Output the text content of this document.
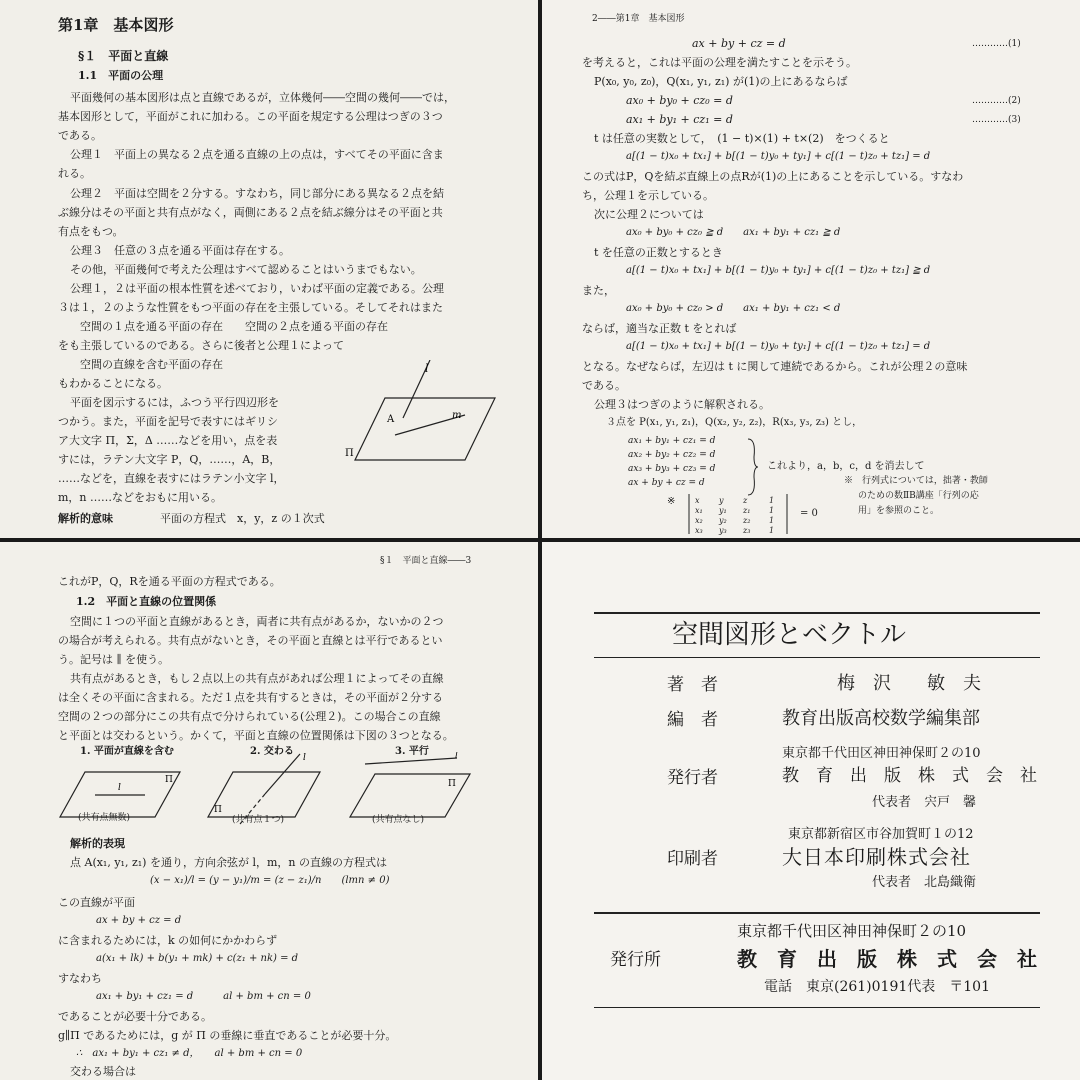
第1章　基本図形
§１　平面と直線
1.1　平面の公理
平面幾何の基本図形は点と直線であるが，立体幾何――空間の幾何――では，
基本図形として，平面がこれに加わる。この平面を規定する公理はつぎの３つ
である。
公理１　平面上の異なる２点を通る直線の上の点は，すべてその平面に含ま
れる。
公理２　平面は空間を２分する。すなわち，同じ部分にある異なる２点を結
ぶ線分はその平面と共有点がなく，両側にある２点を結ぶ線分はその平面と共
有点をもつ。
公理３　任意の３点を通る平面は存在する。
その他，平面幾何で考えた公理はすべて認めることはいうまでもない。
公理１，２は平面の根本性質を述べており，いわば平面の定義である。公理
３は１，２のような性質をもつ平面の存在を主張している。そしてそれはまた
　　空間の１点を通る平面の存在　　空間の２点を通る平面の存在
をも主張しているのである。さらに後者と公理１によって
　　空間の直線を含む平面の存在
もわかることになる。
平面を図示するには，ふつう平行四辺形を
つかう。また，平面を記号で表すにはギリシ
ア大文字 Π，Σ，Δ ……などを用い，点を表
すには，ラテン大文字 P，Q，……，A，B，
……などを，直線を表すにはラテン小文字 l，
m，n ……などをおもに用いる。
解析的意味	平面の方程式　x，y，z の１次式
l
A	m
Π
2――第1章　基本図形
ax + by + cz = d	…………(1)
を考えると，これは平面の公理を満たすことを示そう。
P(x₀, y₀, z₀)，Q(x₁, y₁, z₁) が(1)の上にあるならば
ax₀ + by₀ + cz₀ = d	…………(2)
ax₁ + by₁ + cz₁ = d	…………(3)
t は任意の実数として，　(1 − t)×(1) + t×(2)　をつくると
a[(1 − t)x₀ + tx₁] + b[(1 − t)y₀ + ty₁] + c[(1 − t)z₀ + tz₁] = d
この式はP，Qを結ぶ直線上の点Rが(1)の上にあることを示している。すなわ
ち，公理１を示している。
次に公理２については
ax₀ + by₀ + cz₀ ≧ d　　ax₁ + by₁ + cz₁ ≧ d
t を任意の正数とするとき
a[(1 − t)x₀ + tx₁] + b[(1 − t)y₀ + ty₁] + c[(1 − t)z₀ + tz₁] ≧ d
また，
ax₀ + by₀ + cz₀ > d　　ax₁ + by₁ + cz₁ < d
ならば，適当な正数 t をとれば
a[(1 − t)x₀ + tx₁] + b[(1 − t)y₀ + ty₁] + c[(1 − t)z₀ + tz₁] = d
となる。なぜならば，左辺は t に関して連続であるから。これが公理２の意味
である。
公理３はつぎのように解釈される。
３点を P(x₁, y₁, z₁)，Q(x₂, y₂, z₂)，R(x₃, y₃, z₃) とし，
ax₁ + by₁ + cz₁ = d
これより，a，b，c，d を消去して
※ x y z	1
x₁ y₁ z₁ 1
x₂ y₂ z₂ 1
x₃ y₃ z₃ 1
= 0
※　行列式については，拙著・教師
のための数ⅡB講座「行列の応
用」を参照のこと。
ax₂ + by₂ + cz₂ = d
ax₃ + by₃ + cz₃ = d
ax + by + cz = d
§１　平面と直線――3
これがP，Q，Rを通る平面の方程式である。
1.2　平面と直線の位置関係
空間に１つの平面と直線があるとき，両者に共有点があるか，ないかの２つ
の場合が考えられる。共有点がないとき，その平面と直線とは平行であるとい
う。記号は ∥ を使う。
共有点があるとき，もし２点以上の共有点があれば公理１によってその直線
は全くその平面に含まれる。ただ１点を共有するときは，その平面が２分する
空間の２つの部分にこの共有点で分けられている(公理２)。この場合この直線
と平面とは交わるという。かくて，平面と直線の位置関係は下図の３つとなる。
1. 平面が直線を含む	2. 交わる	3. 平行
l
Π
l
Π
l
Π
(共有点無数)	(共有点１つ)	(共有点なし)
解析的表現
点 A(x₁, y₁, z₁) を通り，方向余弦が l，m，n の直線の方程式は
(x − x₁)/l = (y − y₁)/m = (z − z₁)/n　　(lmn ≠ 0)
この直線が平面
ax + by + cz = d
に含まれるためには，k の如何にかかわらず
a(x₁ + lk) + b(y₁ + mk) + c(z₁ + nk) = d
すなわち
ax₁ + by₁ + cz₁ = d　　　al + bm + cn = 0
であることが必要十分である。
g∥Π であるためには，g が Π の垂線に垂直であることが必要十分。
∴　ax₁ + by₁ + cz₁ ≠ d，　　al + bm + cn = 0
交わる場合は
空間図形とベクトル
著　者	梅　沢　　敏　夫
編　者	教育出版高校数学編集部
東京都千代田区神田神保町２の10
発行者	教　育　出　版　株　式　会　社
代表者　宍戸　馨
東京都新宿区市谷加賀町１の12
印刷者	大日本印刷株式会社
代表者　北島織衛
東京都千代田区神田神保町２の10
発行所	教　育　出　版　株　式　会　社
電話　東京(261)0191代表　〒101
